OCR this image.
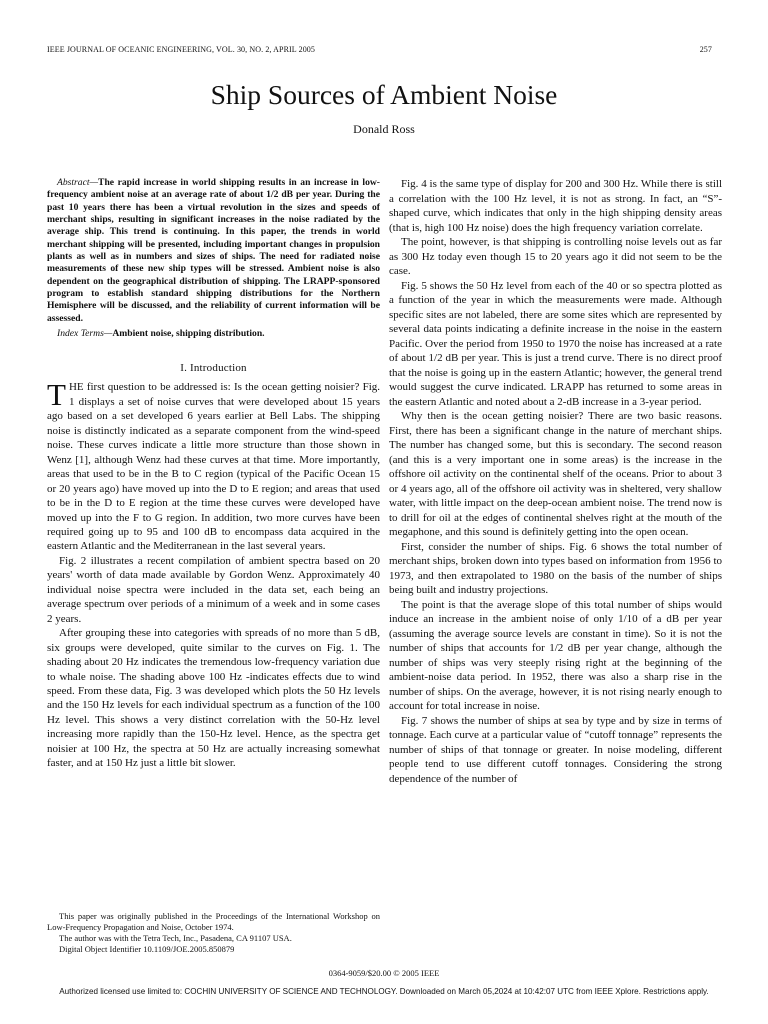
IEEE JOURNAL OF OCEANIC ENGINEERING, VOL. 30, NO. 2, APRIL 2005	257
Ship Sources of Ambient Noise
Donald Ross

Abstract—The rapid increase in world shipping results in an increase in low-frequency ambient noise at an average rate of about 1/2 dB per year. During the past 10 years there has been a virtual revolution in the sizes and speeds of merchant ships, resulting in significant increases in the noise radiated by the average ship. This trend is continuing. In this paper, the trends in world merchant shipping will be presented, including important changes in propulsion plants as well as in numbers and sizes of ships. The need for radiated noise measurements of these new ship types will be stressed. Ambient noise is also dependent on the geographical distribution of shipping. The LRAPP-sponsored program to establish standard shipping distributions for the Northern Hemisphere will be discussed, and the reliability of current information will be assessed.

Index Terms—Ambient noise, shipping distribution.

I. Introduction

THE first question to be addressed is: Is the ocean getting noisier? Fig. 1 displays a set of noise curves that were developed about 15 years ago based on a set developed 6 years earlier at Bell Labs. The shipping noise is distinctly indicated as a separate component from the wind-speed noise. These curves indicate a little more structure than those shown in Wenz [1], although Wenz had these curves at that time. More importantly, areas that used to be in the B to C region (typical of the Pacific Ocean 15 or 20 years ago) have moved up into the D to E region; and areas that used to be in the D to E region at the time these curves were developed have moved up into the F to G region. In addition, two more curves have been required going up to 95 and 100 dB to encompass data acquired in the eastern Atlantic and the Mediterranean in the last several years.

Fig. 2 illustrates a recent compilation of ambient spectra based on 20 years' worth of data made available by Gordon Wenz. Approximately 40 individual noise spectra were included in the data set, each being an average spectrum over periods of a minimum of a week and in some cases 2 years.

After grouping these into categories with spreads of no more than 5 dB, six groups were developed, quite similar to the curves on Fig. 1. The shading about 20 Hz indicates the tremendous low-frequency variation due to whale noise. The shading above 100 Hz -indicates effects due to wind speed. From these data, Fig. 3 was developed which plots the 50 Hz levels and the 150 Hz levels for each individual spectrum as a function of the 100 Hz level. This shows a very distinct correlation with the 50-Hz level increasing more rapidly than the 150-Hz level. Hence, as the spectra get noisier at 100 Hz, the spectra at 50 Hz are actually increasing somewhat faster, and at 150 Hz just a little bit slower.

This paper was originally published in the Proceedings of the International Workshop on Low-Frequency Propagation and Noise, October 1974.

The author was with the Tetra Tech, Inc., Pasadena, CA 91107 USA.

Digital Object Identifier 10.1109/JOE.2005.850879

Fig. 4 is the same type of display for 200 and 300 Hz. While there is still a correlation with the 100 Hz level, it is not as strong. In fact, an “S”-shaped curve, which indicates that only in the high shipping density areas (that is, high 100 Hz noise) does the high frequency variation correlate.

The point, however, is that shipping is controlling noise levels out as far as 300 Hz today even though 15 to 20 years ago it did not seem to be the case.

Fig. 5 shows the 50 Hz level from each of the 40 or so spectra plotted as a function of the year in which the measurements were made. Although specific sites are not labeled, there are some sites which are represented by several data points indicating a definite increase in the noise in the eastern Pacific. Over the period from 1950 to 1970 the noise has increased at a rate of about 1/2 dB per year. This is just a trend curve. There is no direct proof that the noise is going up in the eastern Atlantic; however, the general trend would suggest the curve indicated. LRAPP has returned to some areas in the eastern Atlantic and noted about a 2-dB increase in a 3-year period.

Why then is the ocean getting noisier? There are two basic reasons. First, there has been a significant change in the nature of merchant ships. The number has changed some, but this is secondary. The second reason (and this is a very important one in some areas) is the increase in the offshore oil activity on the continental shelf of the oceans. Prior to about 3 or 4 years ago, all of the offshore oil activity was in sheltered, very shallow water, with little impact on the deep-ocean ambient noise. The trend now is to drill for oil at the edges of continental shelves right at the mouth of the megaphone, and this sound is definitely getting into the open ocean.

First, consider the number of ships. Fig. 6 shows the total number of merchant ships, broken down into types based on information from 1956 to 1973, and then extrapolated to 1980 on the basis of the number of ships being built and industry projections.

The point is that the average slope of this total number of ships would induce an increase in the ambient noise of only 1/10 of a dB per year (assuming the average source levels are constant in time). So it is not the number of ships that accounts for 1/2 dB per year change, although the number of ships was very steeply rising right at the beginning of the ambient-noise data period. In 1952, there was also a sharp rise in the number of ships. On the average, however, it is not rising nearly enough to account for total increase in noise.

Fig. 7 shows the number of ships at sea by type and by size in terms of tonnage. Each curve at a particular value of “cutoff tonnage” represents the number of ships of that tonnage or greater. In noise modeling, different people tend to use different cutoff tonnages. Considering the strong dependence of the number of

0364-9059/$20.00 © 2005 IEEE
Authorized licensed use limited to: COCHIN UNIVERSITY OF SCIENCE AND TECHNOLOGY. Downloaded on March 05,2024 at 10:42:07 UTC from IEEE Xplore. Restrictions apply.
